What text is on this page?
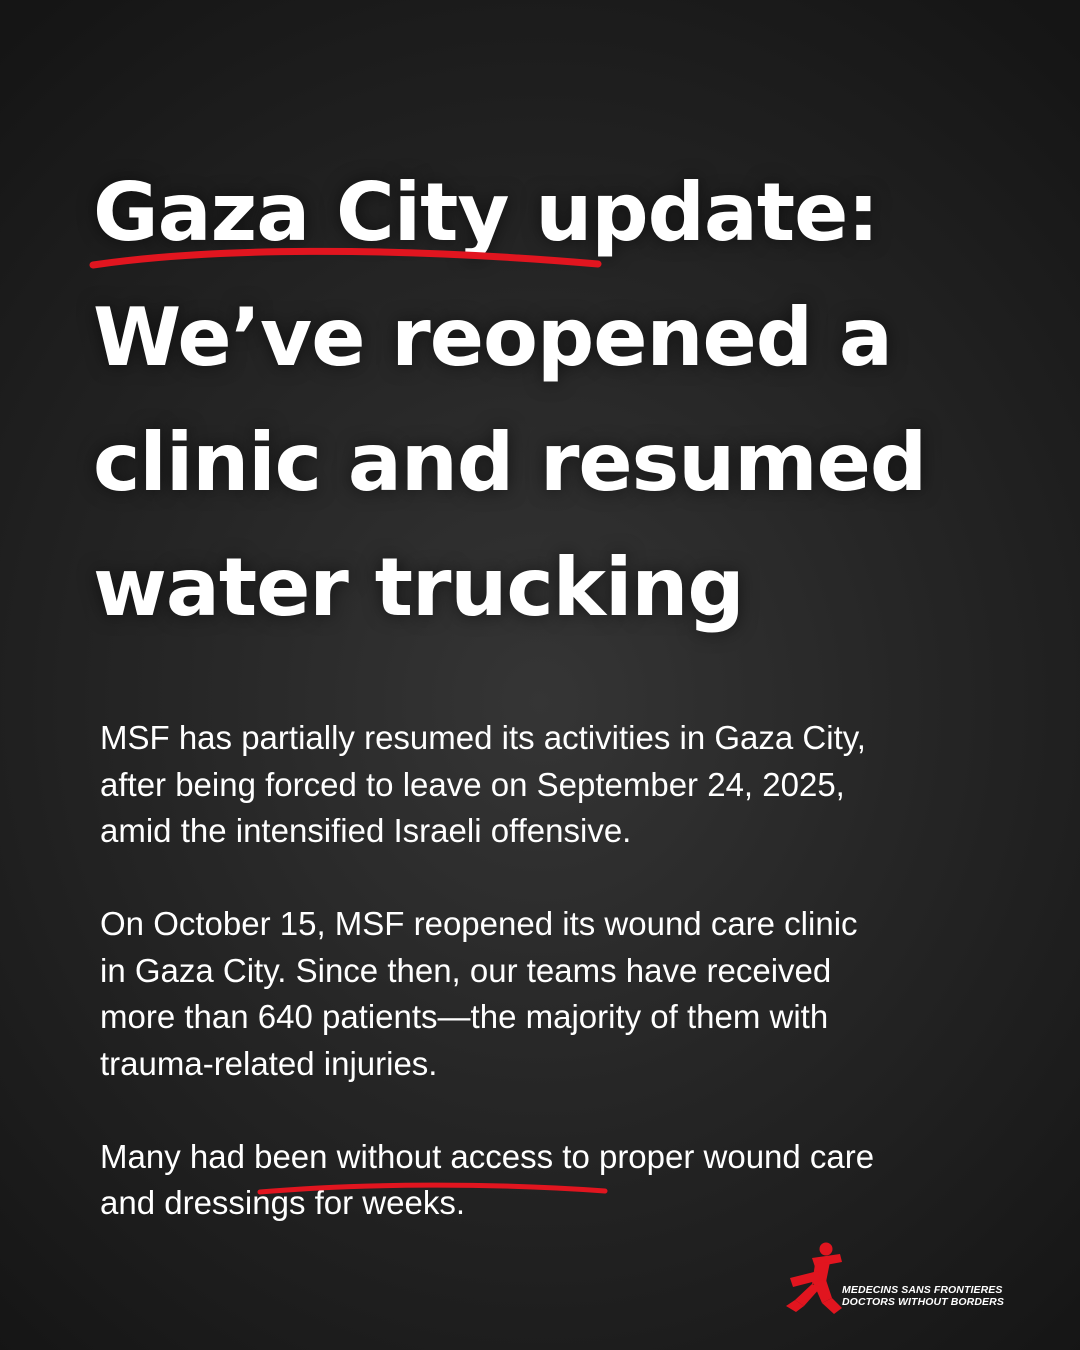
Gaza City update:
We’ve reopened a
clinic and resumed
water trucking

MSF has partially resumed its activities in Gaza City,
after being forced to leave on September 24, 2025,
amid the intensified Israeli offensive.

On October 15, MSF reopened its wound care clinic
in Gaza City. Since then, our teams have received
more than 640 patients—the majority of them with
trauma-related injuries.

Many had been without access to proper wound care
and dressings for weeks.

MEDECINS SANS FRONTIERES
DOCTORS WITHOUT BORDERS
